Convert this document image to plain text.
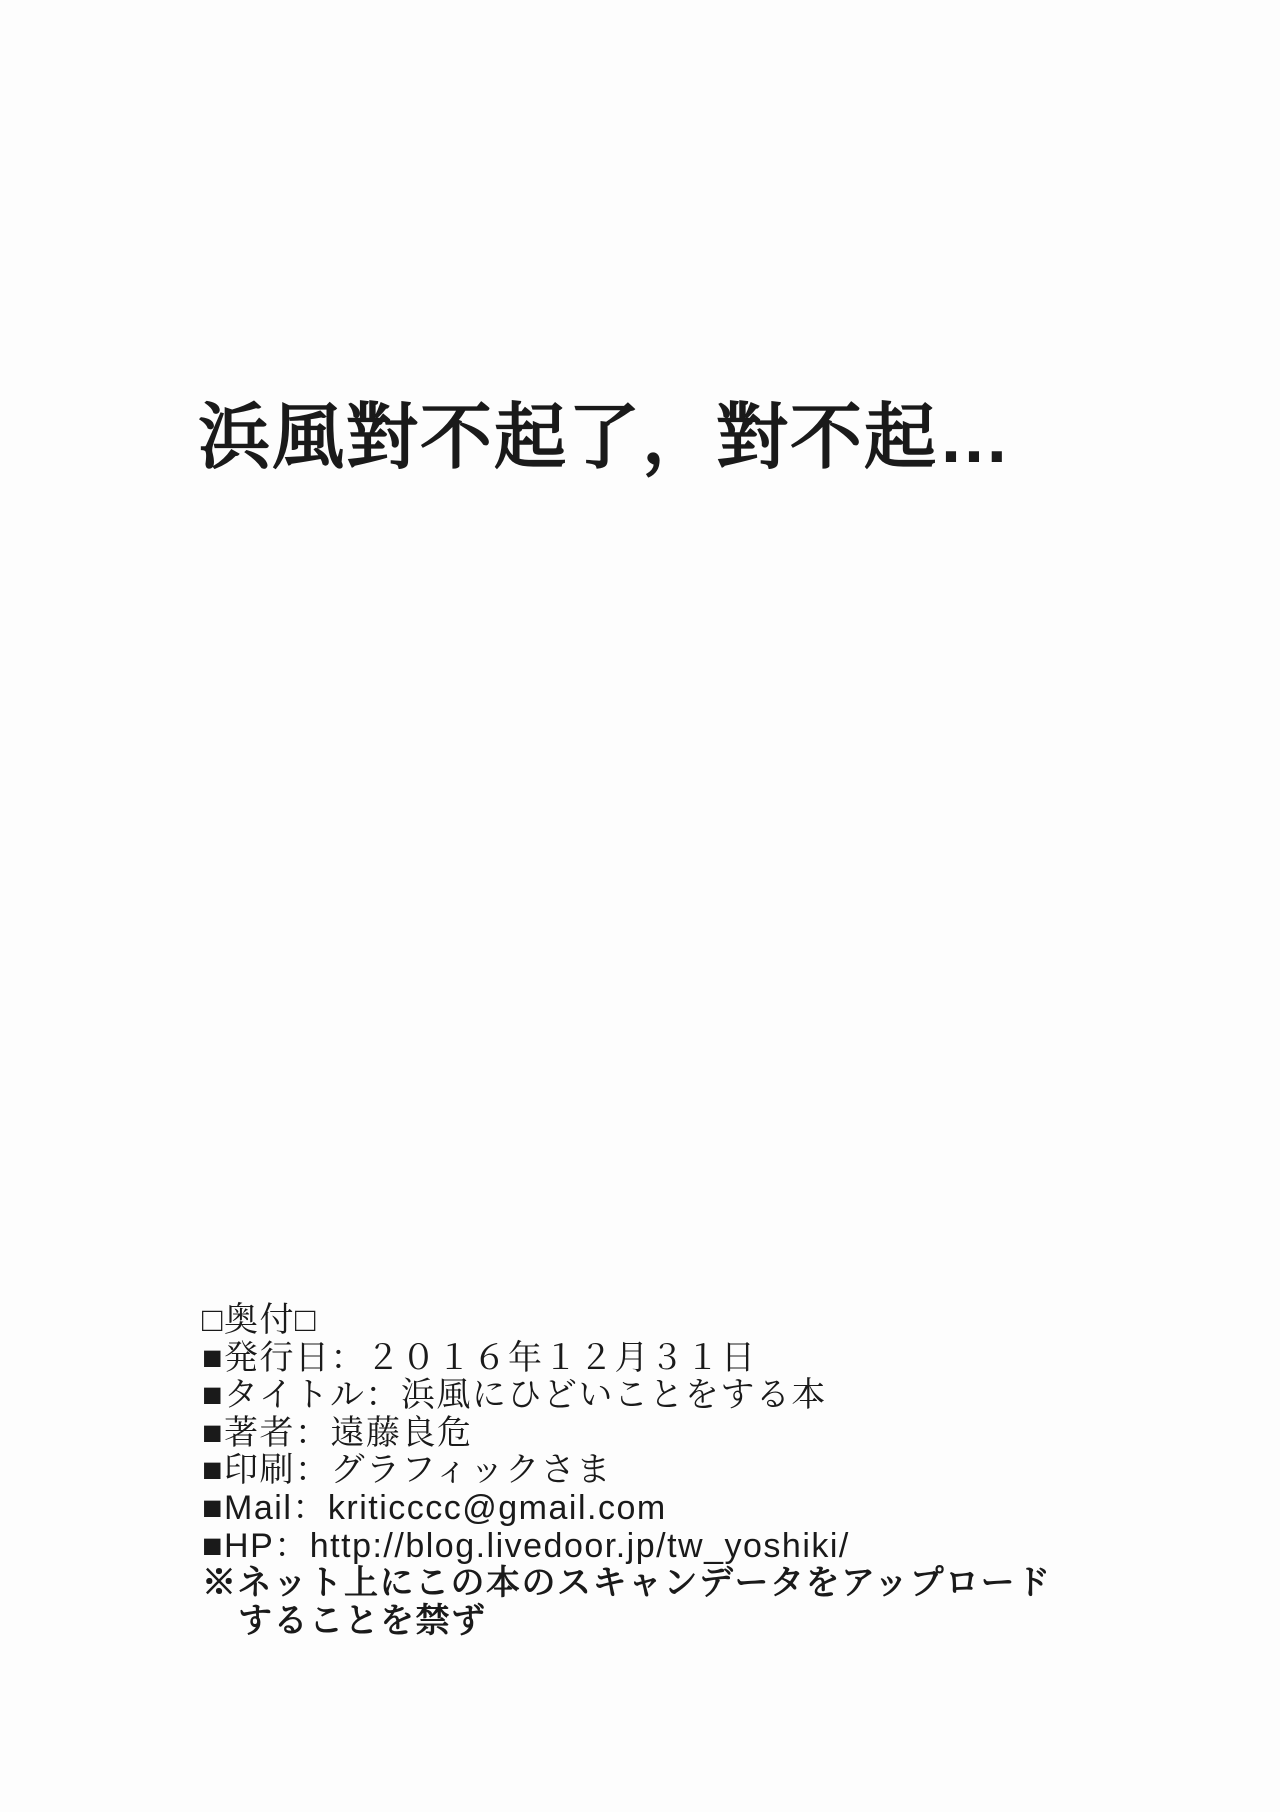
浜風對不起了，對不起…
□奥付□
■発行日：２０１６年１２月３１日
■タイトル：浜風にひどいことをする本
■著者：遠藤良危
■印刷：グラフィックさま
■Mail：kriticccc@gmail.com
■HP：http://blog.livedoor.jp/tw_yoshiki/
※ネット上にこの本のスキャンデータをアップロード
することを禁ず
